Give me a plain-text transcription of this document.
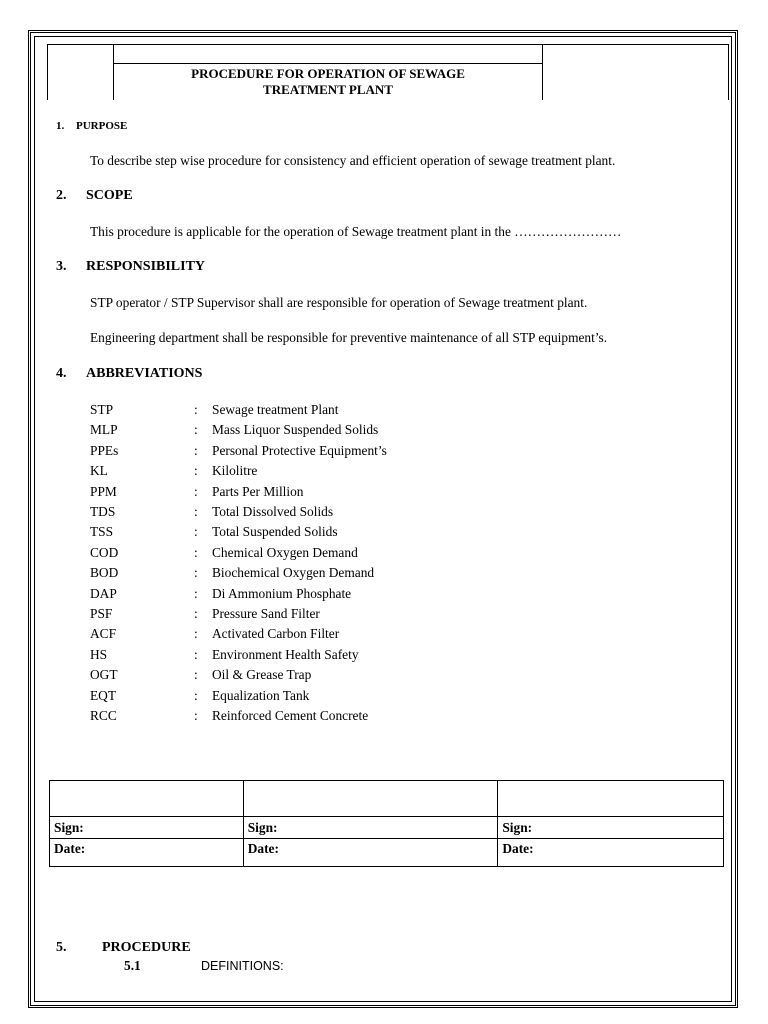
PROCEDURE FOR OPERATION OF SEWAGE
TREATMENT PLANT
1. PURPOSE
To describe step wise procedure for consistency and efficient operation of sewage treatment plant.
2. SCOPE
This procedure is applicable for the operation of Sewage treatment plant in the ……………………
3. RESPONSIBILITY
STP operator / STP Supervisor shall are responsible for operation of Sewage treatment plant.
Engineering department shall be responsible for preventive maintenance of all STP equipment’s.
4. ABBREVIATIONS
STP	: Sewage treatment Plant
MLP	: Mass Liquor Suspended Solids
PPEs	: Personal Protective Equipment’s
KL	: Kilolitre
PPM	: Parts Per Million
TDS	: Total Dissolved Solids
TSS	: Total Suspended Solids
COD	: Chemical Oxygen Demand
BOD	: Biochemical Oxygen Demand
DAP	: Di Ammonium Phosphate
PSF	: Pressure Sand Filter
ACF	: Activated Carbon Filter
HS	: Environment Health Safety
OGT	: Oil & Grease Trap
EQT	: Equalization Tank
RCC	: Reinforced Cement Concrete

Sign:	Sign:	Sign:
Date:	Date:	Date:
5.	PROCEDURE
5.1	DEFINITIONS:
